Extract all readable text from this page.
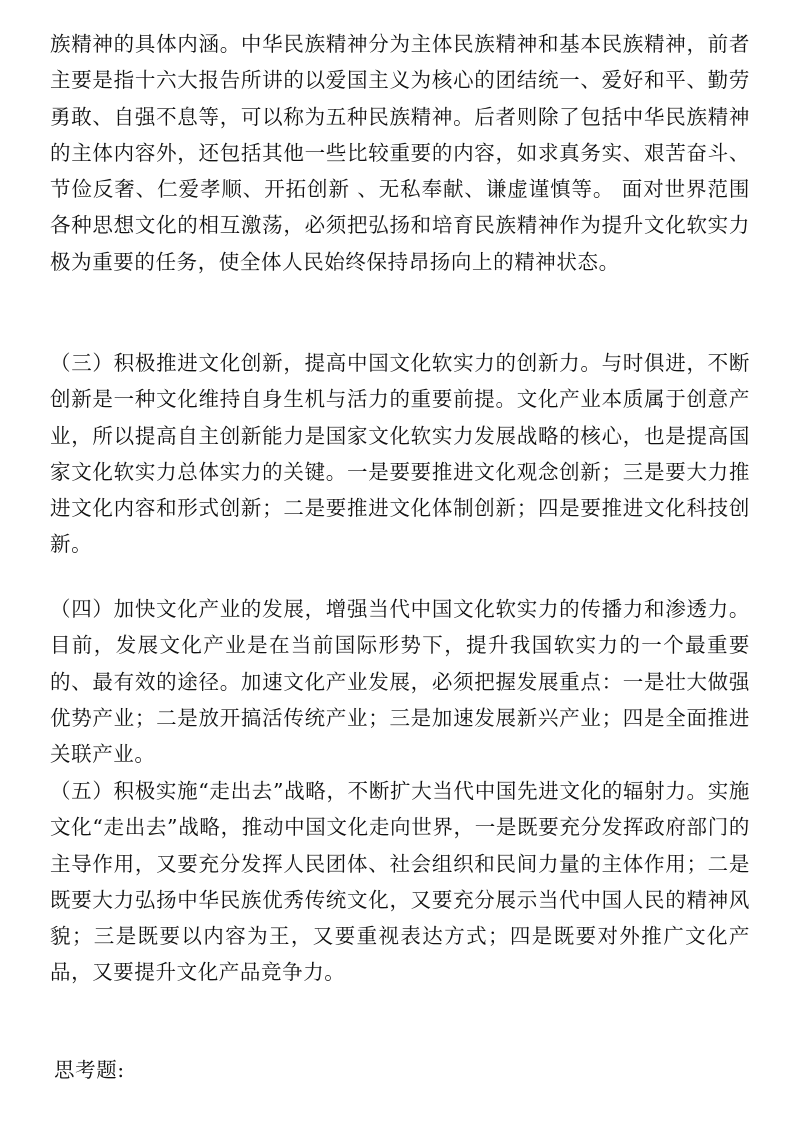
族精神的具体内涵。中华民族精神分为主体民族精神和基本民族精神，前者主要是指十六大报告所讲的以爱国主义为核心的团结统一、爱好和平、勤劳勇敢、自强不息等，可以称为五种民族精神。后者则除了包括中华民族精神的主体内容外，还包括其他一些比较重要的内容，如求真务实、艰苦奋斗、节俭反奢、仁爱孝顺、开拓创新 、无私奉献、谦虚谨慎等。 面对世界范围各种思想文化的相互激荡，必须把弘扬和培育民族精神作为提升文化软实力极为重要的任务，使全体人民始终保持昂扬向上的精神状态。

（三）积极推进文化创新，提高中国文化软实力的创新力。与时俱进，不断创新是一种文化维持自身生机与活力的重要前提。文化产业本质属于创意产业，所以提高自主创新能力是国家文化软实力发展战略的核心，也是提高国家文化软实力总体实力的关键。一是要要推进文化观念创新；三是要大力推进文化内容和形式创新；二是要推进文化体制创新；四是要推进文化科技创新。

（四）加快文化产业的发展，增强当代中国文化软实力的传播力和渗透力。目前，发展文化产业是在当前国际形势下，提升我国软实力的一个最重要的、最有效的途径。加速文化产业发展，必须把握发展重点：一是壮大做强优势产业；二是放开搞活传统产业；三是加速发展新兴产业；四是全面推进关联产业。

（五）积极实施“走出去”战略，不断扩大当代中国先进文化的辐射力。实施文化“走出去”战略，推动中国文化走向世界，一是既要充分发挥政府部门的主导作用，又要充分发挥人民团体、社会组织和民间力量的主体作用；二是既要大力弘扬中华民族优秀传统文化，又要充分展示当代中国人民的精神风貌；三是既要以内容为王，又要重视表达方式；四是既要对外推广文化产品，又要提升文化产品竞争力。

思考题:
